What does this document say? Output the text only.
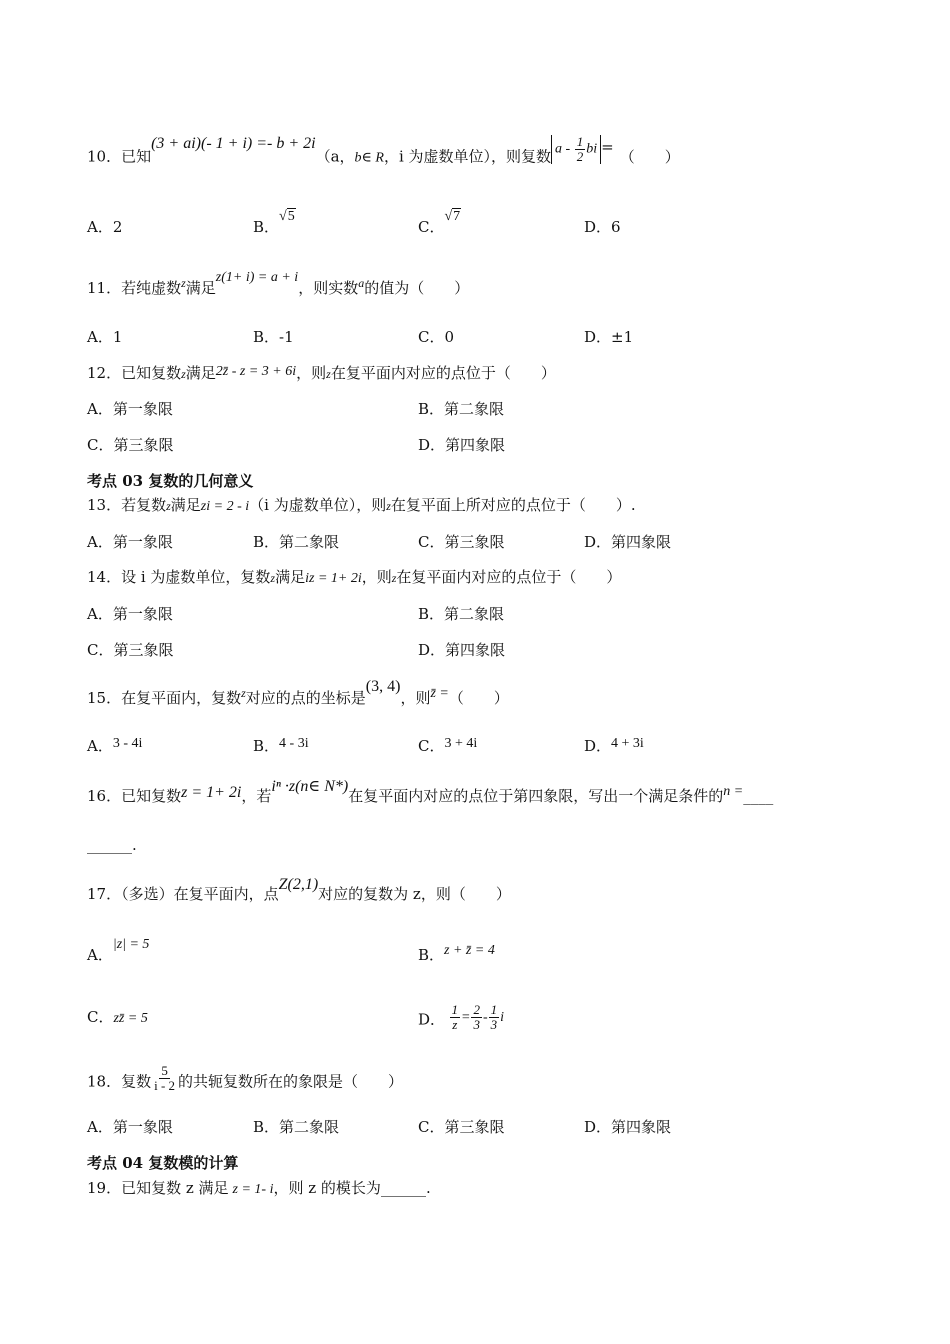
10．已知(3 + ai)(- 1 + i) =- b + 2i（a，b∈ R，i 为虚数单位），则复数 a - $\frac{1}{2}$ bi =（　　）
A．2	B．√5
C．√7
D．6
11．若纯虚数$^z$满足z(1+ i) = a + i，则实数$^a$的值为（　　）
A．1	B．-1	C．0	D．±1
12．已知复数z满足2z̄ - z = 3 + 6i，则z在复平面内对应的点位于（　　）
A．第一象限	B．第二象限
C．第三象限	D．第四象限
考点 03 复数的几何意义
13．若复数z满足zi = 2 - i（i 为虚数单位），则z在复平面上所对应的点位于（　　）.
A．第一象限	B．第二象限	C．第三象限	D．第四象限
14．设 i 为虚数单位，复数z满足iz = 1+ 2i，则z在复平面内对应的点位于（　　）
A．第一象限	B．第二象限
C．第三象限	D．第四象限
15．在复平面内，复数$^z$对应的点的坐标是(3, 4)，则z̄ =（　　）
A．3 - 4i	B．4 - 3i	C．3 + 4i	D．4 + 3i
16．已知复数z = 1+ 2i，若iⁿ ·z(n∈ N*)在复平面内对应的点位于第四象限，写出一个满足条件的n =____
______.
17．（多选）在复平面内，点Z(2,1)对应的复数为 z，则（　　）
A．|z| = 5
B．z + z̄ = 4
C．zz̄ = 5	D． $\frac{1}{z} = \frac{2}{3} - \frac{1}{3}$ i
18．复数 $\frac{5}{i - 2}$ 的共轭复数所在的象限是（　　）
A．第一象限	B．第二象限	C．第三象限	D．第四象限
考点 04 复数模的计算
19．已知复数 z 满足 z = 1- i，则 z 的模长为______.
